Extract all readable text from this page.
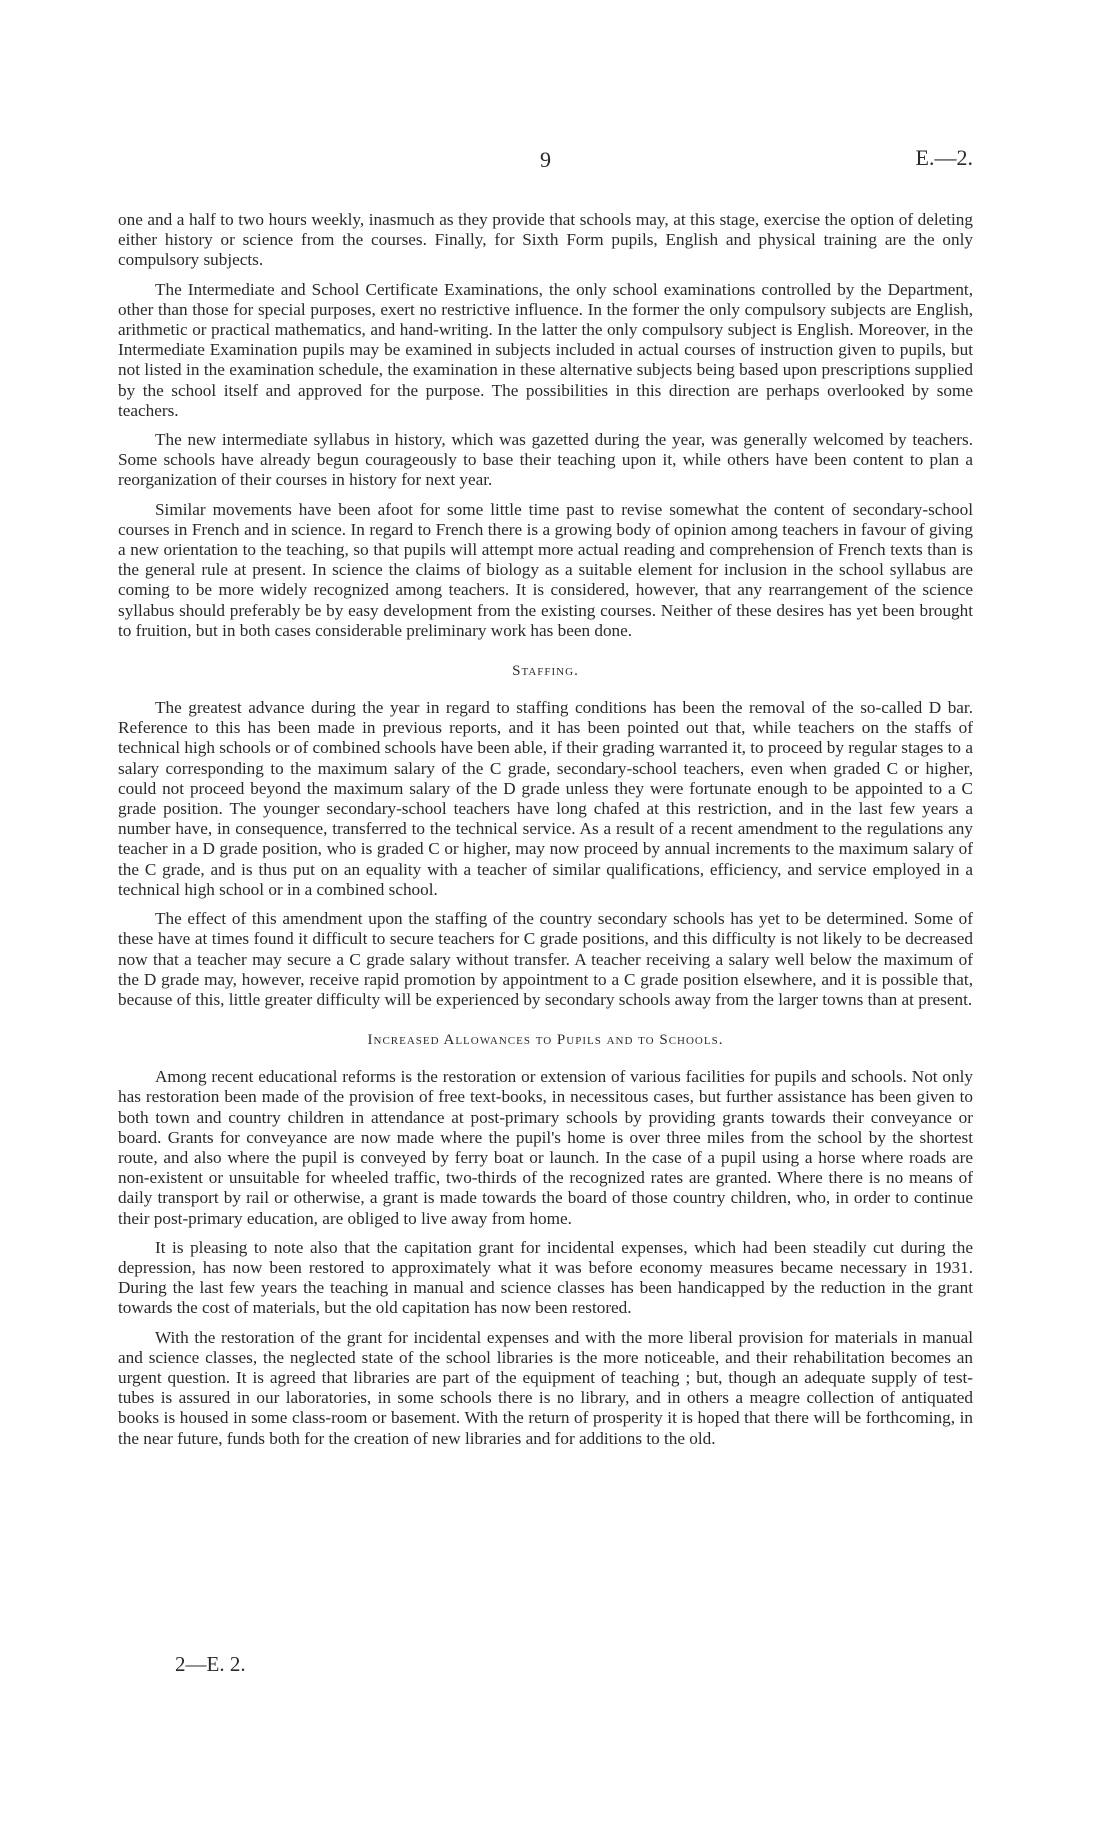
9	E.—2.

one and a half to two hours weekly, inasmuch as they provide that schools may, at this stage, exercise the option of deleting either history or science from the courses. Finally, for Sixth Form pupils, English and physical training are the only compulsory subjects.

The Intermediate and School Certificate Examinations, the only school examinations controlled by the Department, other than those for special purposes, exert no restrictive influence. In the former the only compulsory subjects are English, arithmetic or practical mathematics, and hand-writing. In the latter the only compulsory subject is English. Moreover, in the Intermediate Examination pupils may be examined in subjects included in actual courses of instruction given to pupils, but not listed in the examination schedule, the examination in these alternative subjects being based upon prescriptions supplied by the school itself and approved for the purpose. The possibilities in this direction are perhaps overlooked by some teachers.

The new intermediate syllabus in history, which was gazetted during the year, was generally welcomed by teachers. Some schools have already begun courageously to base their teaching upon it, while others have been content to plan a reorganization of their courses in history for next year.

Similar movements have been afoot for some little time past to revise somewhat the content of secondary-school courses in French and in science. In regard to French there is a growing body of opinion among teachers in favour of giving a new orientation to the teaching, so that pupils will attempt more actual reading and comprehension of French texts than is the general rule at present. In science the claims of biology as a suitable element for inclusion in the school syllabus are coming to be more widely recognized among teachers. It is considered, however, that any rearrangement of the science syllabus should preferably be by easy development from the existing courses. Neither of these desires has yet been brought to fruition, but in both cases considerable preliminary work has been done.

Staffing.

The greatest advance during the year in regard to staffing conditions has been the removal of the so-called D bar. Reference to this has been made in previous reports, and it has been pointed out that, while teachers on the staffs of technical high schools or of combined schools have been able, if their grading warranted it, to proceed by regular stages to a salary corresponding to the maximum salary of the C grade, secondary-school teachers, even when graded C or higher, could not proceed beyond the maximum salary of the D grade unless they were fortunate enough to be appointed to a C grade position. The younger secondary-school teachers have long chafed at this restriction, and in the last few years a number have, in consequence, transferred to the technical service. As a result of a recent amendment to the regulations any teacher in a D grade position, who is graded C or higher, may now proceed by annual increments to the maximum salary of the C grade, and is thus put on an equality with a teacher of similar qualifications, efficiency, and service employed in a technical high school or in a combined school.

The effect of this amendment upon the staffing of the country secondary schools has yet to be determined. Some of these have at times found it difficult to secure teachers for C grade positions, and this difficulty is not likely to be decreased now that a teacher may secure a C grade salary without transfer. A teacher receiving a salary well below the maximum of the D grade may, however, receive rapid promotion by appointment to a C grade position elsewhere, and it is possible that, because of this, little greater difficulty will be experienced by secondary schools away from the larger towns than at present.

Increased Allowances to Pupils and to Schools.

Among recent educational reforms is the restoration or extension of various facilities for pupils and schools. Not only has restoration been made of the provision of free text-books, in necessitous cases, but further assistance has been given to both town and country children in attendance at post-primary schools by providing grants towards their conveyance or board. Grants for conveyance are now made where the pupil's home is over three miles from the school by the shortest route, and also where the pupil is conveyed by ferry boat or launch. In the case of a pupil using a horse where roads are non-existent or unsuitable for wheeled traffic, two-thirds of the recognized rates are granted. Where there is no means of daily transport by rail or otherwise, a grant is made towards the board of those country children, who, in order to continue their post-primary education, are obliged to live away from home.

It is pleasing to note also that the capitation grant for incidental expenses, which had been steadily cut during the depression, has now been restored to approximately what it was before economy measures became necessary in 1931. During the last few years the teaching in manual and science classes has been handicapped by the reduction in the grant towards the cost of materials, but the old capitation has now been restored.

With the restoration of the grant for incidental expenses and with the more liberal provision for materials in manual and science classes, the neglected state of the school libraries is the more noticeable, and their rehabilitation becomes an urgent question. It is agreed that libraries are part of the equipment of teaching ; but, though an adequate supply of test-tubes is assured in our laboratories, in some schools there is no library, and in others a meagre collection of antiquated books is housed in some class-room or basement. With the return of prosperity it is hoped that there will be forthcoming, in the near future, funds both for the creation of new libraries and for additions to the old.

2—E. 2.
